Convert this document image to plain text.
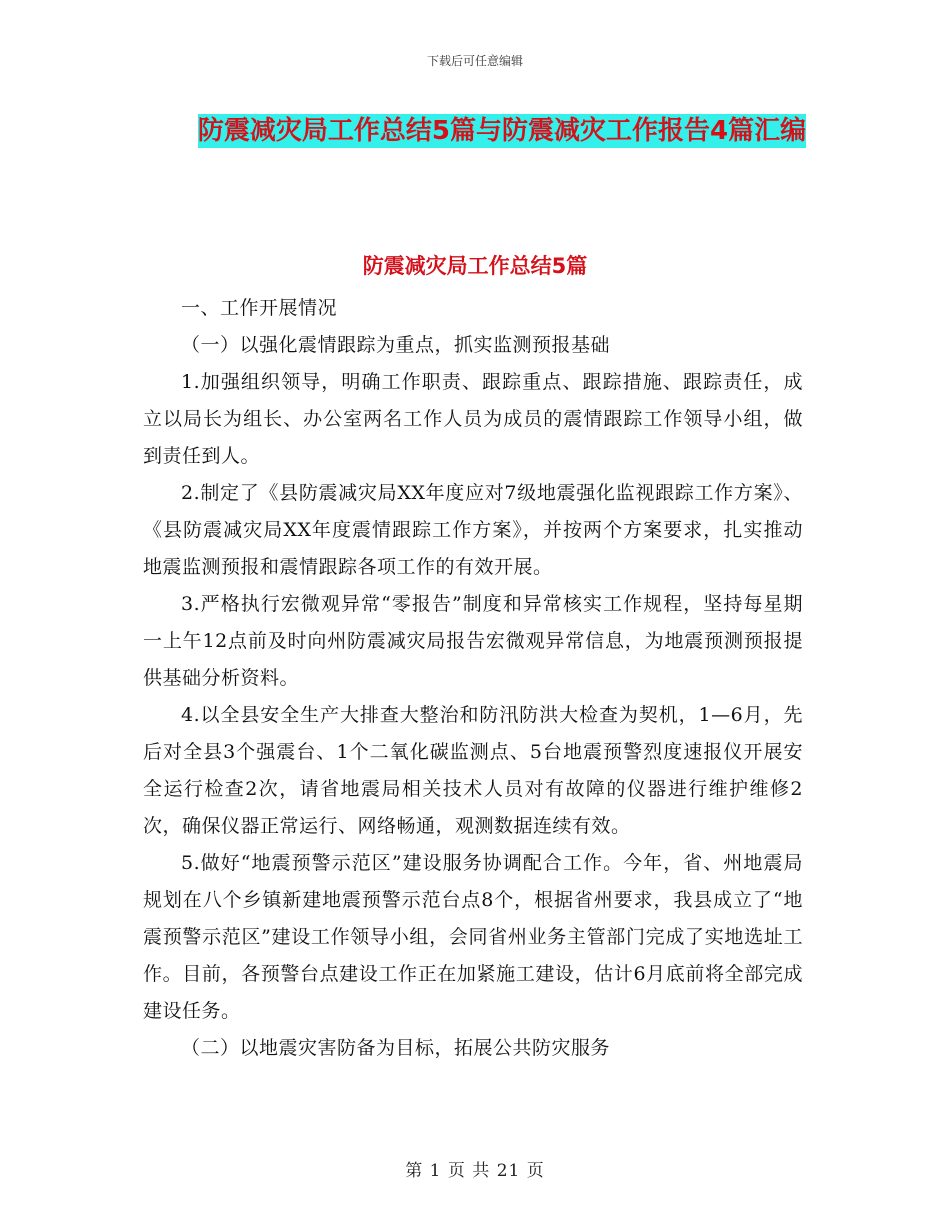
下载后可任意编辑
防震减灾局工作总结5篇与防震减灾工作报告4篇汇编
防震减灾局工作总结5篇

一、工作开展情况

（一）以强化震情跟踪为重点，抓实监测预报基础

1.加强组织领导，明确工作职责、跟踪重点、跟踪措施、跟踪责任，成立以局长为组长、办公室两名工作人员为成员的震情跟踪工作领导小组，做到责任到人。

2.制定了《县防震减灾局XX年度应对7级地震强化监视跟踪工作方案》、《县防震减灾局XX年度震情跟踪工作方案》，并按两个方案要求，扎实推动地震监测预报和震情跟踪各项工作的有效开展。

3.严格执行宏微观异常“零报告”制度和异常核实工作规程，坚持每星期一上午12点前及时向州防震减灾局报告宏微观异常信息，为地震预测预报提供基础分析资料。

4.以全县安全生产大排查大整治和防汛防洪大检查为契机，1—6月，先后对全县3个强震台、1个二氧化碳监测点、5台地震预警烈度速报仪开展安全运行检查2次，请省地震局相关技术人员对有故障的仪器进行维护维修2次，确保仪器正常运行、网络畅通，观测数据连续有效。

5.做好“地震预警示范区”建设服务协调配合工作。今年，省、州地震局规划在八个乡镇新建地震预警示范台点8个，根据省州要求，我县成立了“地震预警示范区”建设工作领导小组，会同省州业务主管部门完成了实地选址工作。目前，各预警台点建设工作正在加紧施工建设，估计6月底前将全部完成建设任务。

（二）以地震灾害防备为目标，拓展公共防灾服务

第 1 页 共 21 页
